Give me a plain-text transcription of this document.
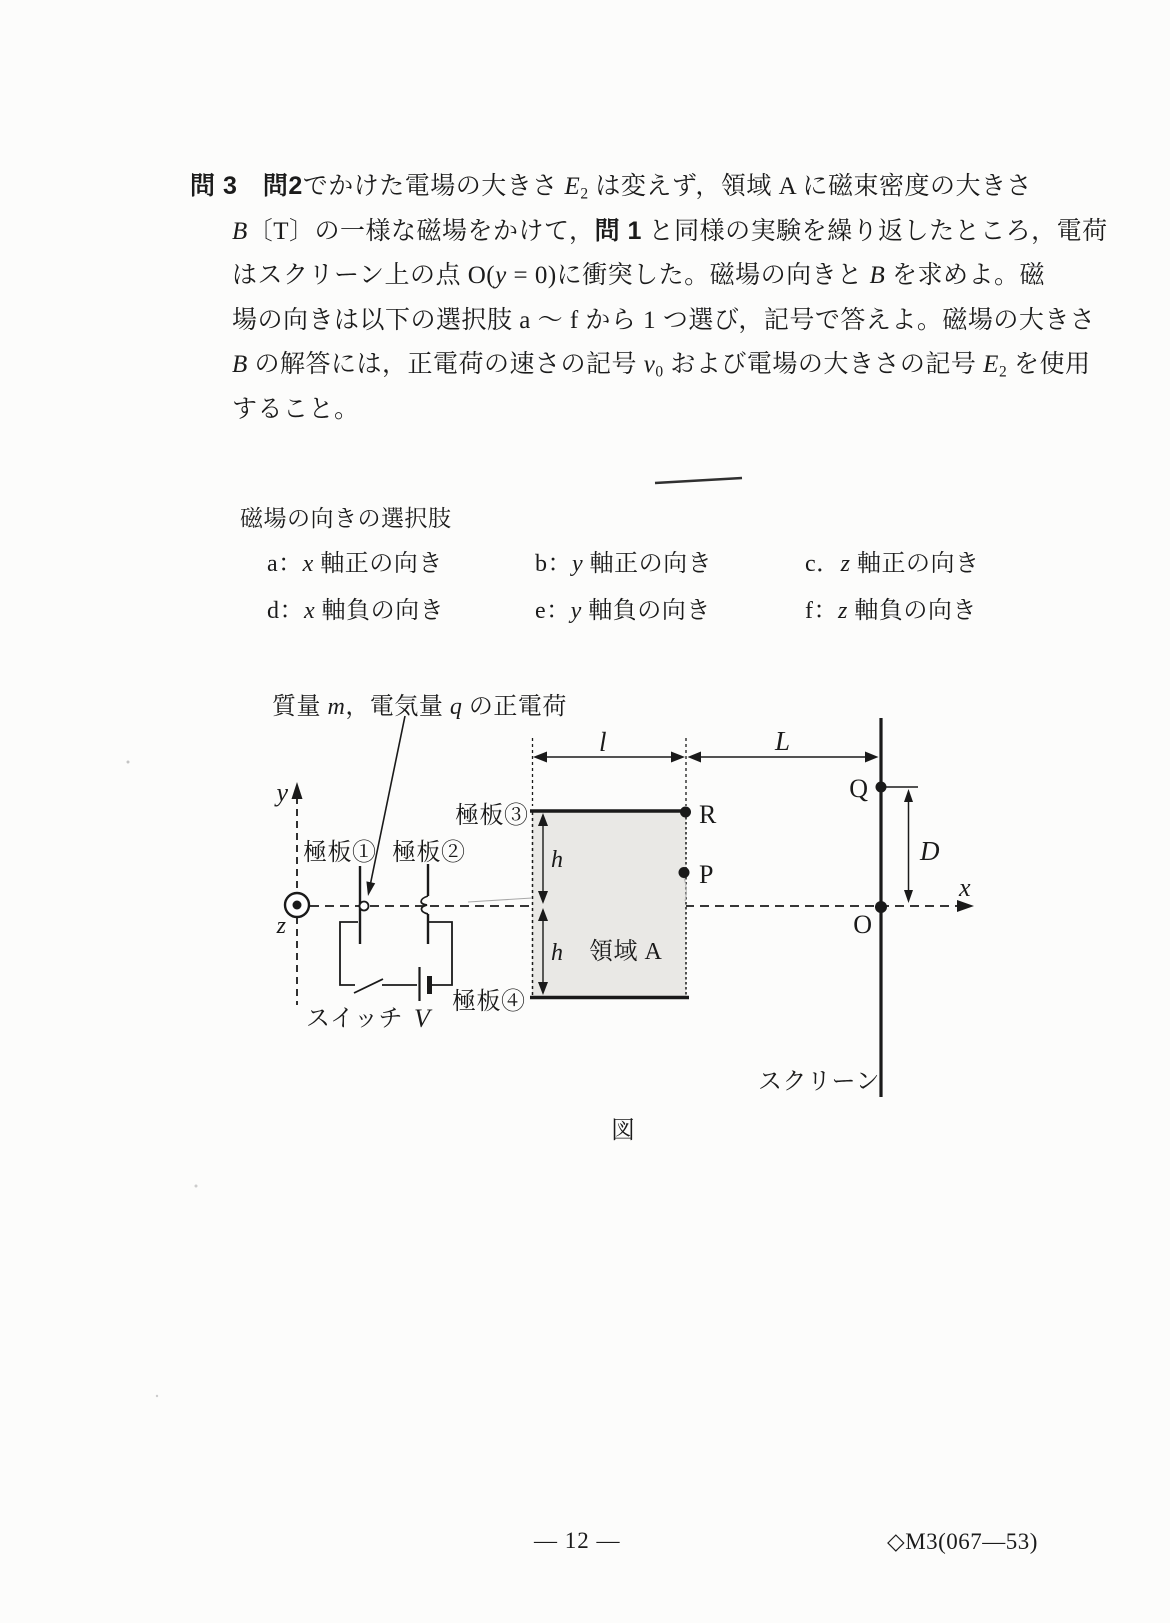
問 3　 問2でかけた電場の大きさ E2 は変えず，領域 A に磁束密度の大きさ
B〔T〕の一様な磁場をかけて，問 1 と同様の実験を繰り返したところ，電荷
はスクリーン上の点 O(y = 0)に衝突した。磁場の向きと B を求めよ。磁
場の向きは以下の選択肢 a ～ f から 1 つ選び，記号で答えよ。磁場の大きさ
B の解答には，正電荷の速さの記号 v0 および電場の大きさの記号 E2 を使用
すること。
磁場の向きの選択肢
a：x 軸正の向き	b：y 軸正の向き	c．z 軸正の向き
d：x 軸負の向き	e：y 軸負の向き	f：z 軸負の向き
質量 m，電気量 q の正電荷
y
z
x
極板① 極板②
極板③
極板④
領域 A
スイッチ V
スクリーン
図
l	L
D
h
h
Q
R
P
O
— 12 —	◇M3(067—53)
